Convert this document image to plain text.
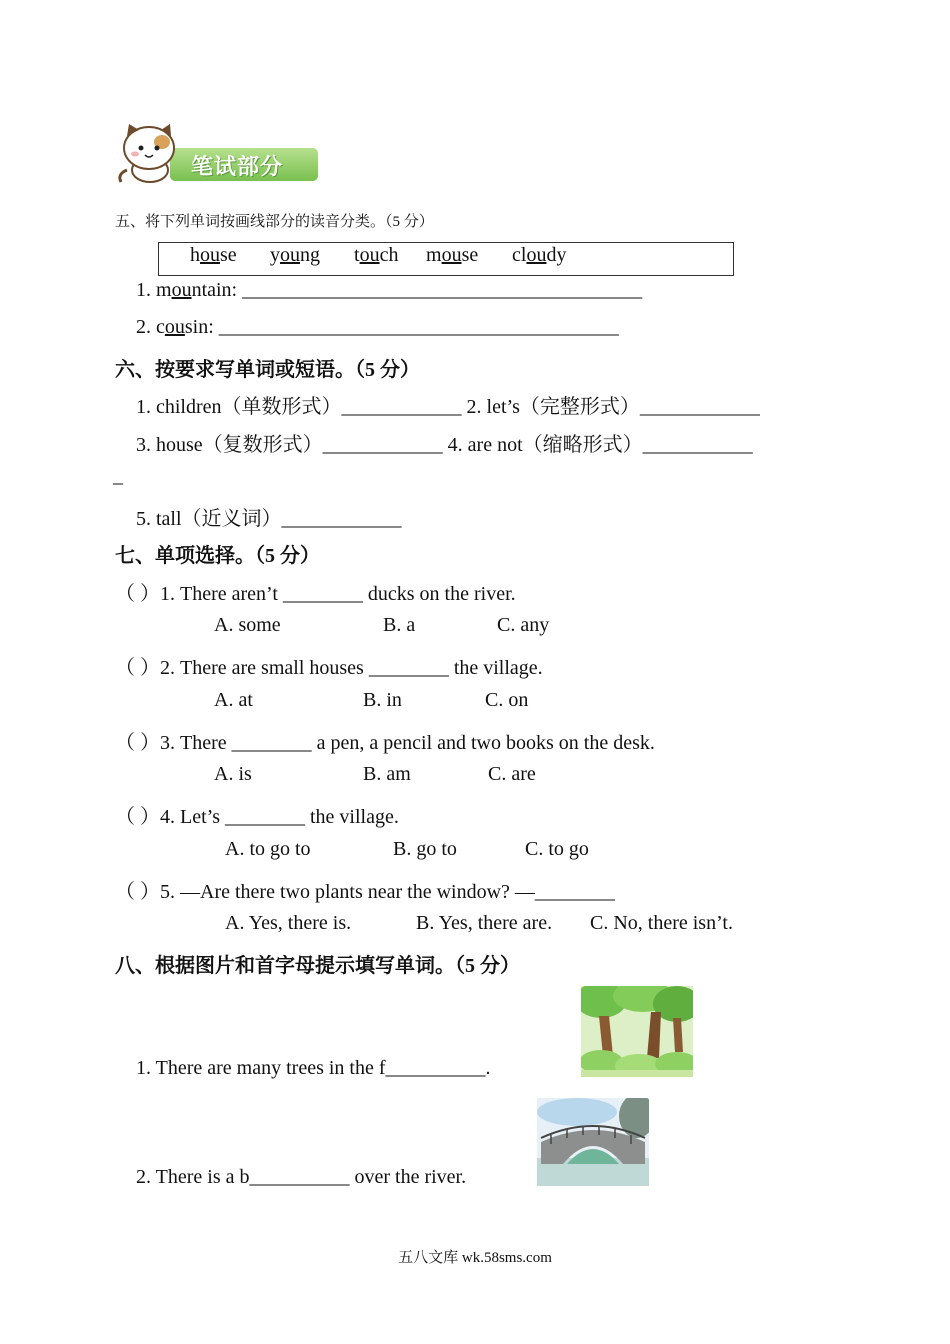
笔试部分
五、将下列单词按画线部分的读音分类。（5 分）
house young touch mouse cloudy
1. mountain: ________________________________________
2. cousin: ________________________________________
六、按要求写单词或短语。（5 分）
1. children（单数形式）____________ 2. let’s（完整形式）____________
3. house（复数形式）____________ 4. are not（缩略形式）___________
_
5. tall（近义词）____________
七、单项选择。（5 分）
（ ）1. There aren’t ________ ducks on the river.
A. some	B. a	C. any
（ ）2. There are small houses ________ the village.
A. at	B. in	C. on
（ ）3. There ________ a pen, a pencil and two books on the desk.
A. is	B. am	C. are
（ ）4. Let’s ________ the village.
A. to go to	B. go to	C. to go
（ ）5. —Are there two plants near the window? —________
A. Yes, there is.	B. Yes, there are. C. No, there isn’t.
八、根据图片和首字母提示填写单词。（5 分）
1. There are many trees in the f__________.
2. There is a b__________ over the river.
五八文库 wk.58sms.com
